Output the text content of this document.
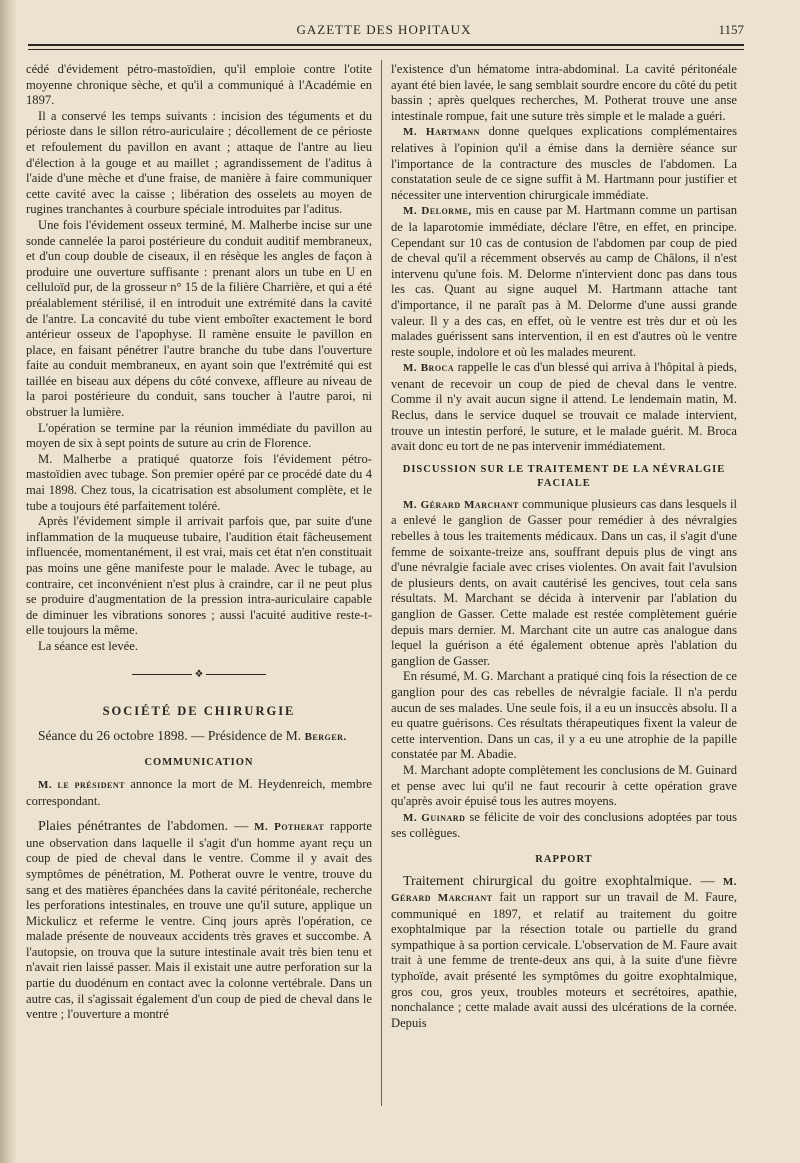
GAZETTE DES HOPITAUX	1157

cédé d'évidement pétro-mastoïdien, qu'il emploie contre l'otite moyenne chronique sèche, et qu'il a communiqué à l'Académie en 1897.

Il a conservé les temps suivants : incision des téguments et du périoste dans le sillon rétro-auriculaire ; décollement de ce périoste et refoulement du pavillon en avant ; attaque de l'antre au lieu d'élection à la gouge et au maillet ; agrandissement de l'aditus à l'aide d'une mèche et d'une fraise, de manière à faire communiquer cette cavité avec la caisse ; libération des osselets au moyen de rugines tranchantes à courbure spéciale introduites par l'aditus.

Une fois l'évidement osseux terminé, M. Malherbe incise sur une sonde cannelée la paroi postérieure du conduit auditif membraneux, et d'un coup double de ciseaux, il en résèque les angles de façon à produire une ouverture suffisante : prenant alors un tube en U en celluloïd pur, de la grosseur n° 15 de la filière Charrière, et qui a été préalablement stérilisé, il en introduit une extrémité dans la cavité de l'antre. La concavité du tube vient emboîter exactement le bord antérieur osseux de l'apophyse. Il ramène ensuite le pavillon en place, en faisant pénétrer l'autre branche du tube dans l'ouverture faite au conduit membraneux, en ayant soin que l'extrémité qui est taillée en biseau aux dépens du côté convexe, affleure au niveau de la paroi postérieure du conduit, sans toucher à l'autre paroi, ni obstruer la lumière.

L'opération se termine par la réunion immédiate du pavillon au moyen de six à sept points de suture au crin de Florence.

M. Malherbe a pratiqué quatorze fois l'évidement pétro-mastoïdien avec tubage. Son premier opéré par ce procédé date du 4 mai 1898. Chez tous, la cicatrisation est absolument complète, et le tube a toujours été parfaitement toléré.

Après l'évidement simple il arrivait parfois que, par suite d'une inflammation de la muqueuse tubaire, l'audition était fâcheusement influencée, momentanément, il est vrai, mais cet état n'en constituait pas moins une gêne manifeste pour le malade. Avec le tubage, au contraire, cet inconvénient n'est plus à craindre, car il ne peut plus se produire d'augmentation de la pression intra-auriculaire capable de diminuer les vibrations sonores ; aussi l'acuité auditive reste-t-elle toujours la même.

La séance est levée.

❖
SOCIÉTÉ DE CHIRURGIE

Séance du 26 octobre 1898. — Présidence de M. Berger.

COMMUNICATION

M. le président annonce la mort de M. Heydenreich, membre correspondant.

Plaies pénétrantes de l'abdomen. — M. Potherat rapporte une observation dans laquelle il s'agit d'un homme ayant reçu un coup de pied de cheval dans le ventre. Comme il y avait des symptômes de pénétration, M. Potherat ouvre le ventre, trouve du sang et des matières épanchées dans la cavité péritonéale, recherche les perforations intestinales, en trouve une qu'il suture, applique un Mickulicz et referme le ventre. Cinq jours après l'opération, ce malade présente de nouveaux accidents très graves et succombe. A l'autopsie, on trouva que la suture intestinale avait très bien tenu et n'avait rien laissé passer. Mais il existait une autre perforation sur la partie du duodénum en contact avec la colonne vertébrale. Dans un autre cas, il s'agissait également d'un coup de pied de cheval dans le ventre ; l'ouverture a montré

l'existence d'un hématome intra-abdominal. La cavité péritonéale ayant été bien lavée, le sang semblait sourdre encore du côté du petit bassin ; après quelques recherches, M. Potherat trouve une anse intestinale rompue, fait une suture très simple et le malade a guéri.

M. Hartmann donne quelques explications complémentaires relatives à l'opinion qu'il a émise dans la dernière séance sur l'importance de la contracture des muscles de l'abdomen. La constatation seule de ce signe suffit à M. Hartmann pour justifier et nécessiter une intervention chirurgicale immédiate.

M. Delorme, mis en cause par M. Hartmann comme un partisan de la laparotomie immédiate, déclare l'être, en effet, en principe. Cependant sur 10 cas de contusion de l'abdomen par coup de pied de cheval qu'il a récemment observés au camp de Châlons, il n'est intervenu qu'une fois. M. Delorme n'intervient donc pas dans tous les cas. Quant au signe auquel M. Hartmann attache tant d'importance, il ne paraît pas à M. Delorme d'une aussi grande valeur. Il y a des cas, en effet, où le ventre est très dur et où les malades guérissent sans intervention, il en est d'autres où le ventre reste souple, indolore et où les malades meurent.

M. Broca rappelle le cas d'un blessé qui arriva à l'hôpital à pieds, venant de recevoir un coup de pied de cheval dans le ventre. Comme il n'y avait aucun signe il attend. Le lendemain matin, M. Reclus, dans le service duquel se trouvait ce malade intervient, trouve un intestin perforé, le suture, et le malade guérit. M. Broca avait donc eu tort de ne pas intervenir immédiatement.

DISCUSSION SUR LE TRAITEMENT DE LA NÉVRALGIE
FACIALE

M. Gérard Marchant communique plusieurs cas dans lesquels il a enlevé le ganglion de Gasser pour remédier à des névralgies rebelles à tous les traitements médicaux. Dans un cas, il s'agit d'une femme de soixante-treize ans, souffrant depuis plus de vingt ans d'une névralgie faciale avec crises violentes. On avait fait l'avulsion de plusieurs dents, on avait cautérisé les gencives, tout cela sans résultats. M. Marchant se décida à intervenir par l'ablation du ganglion de Gasser. Cette malade est restée complètement guérie depuis mars dernier. M. Marchant cite un autre cas analogue dans lequel la guérison a été également obtenue après l'ablation du ganglion de Gasser.

En résumé, M. G. Marchant a pratiqué cinq fois la résection de ce ganglion pour des cas rebelles de névralgie faciale. Il n'a perdu aucun de ses malades. Une seule fois, il a eu un insuccès absolu. Il a eu quatre guérisons. Ces résultats thérapeutiques fixent la valeur de cette intervention. Dans un cas, il y a eu une atrophie de la papille constatée par M. Abadie.

M. Marchant adopte complètement les conclusions de M. Guinard et pense avec lui qu'il ne faut recourir à cette opération grave qu'après avoir épuisé tous les autres moyens.

M. Guinard se félicite de voir des conclusions adoptées par tous ses collègues.

RAPPORT

Traitement chirurgical du goitre exophtalmique. — M. Gérard Marchant fait un rapport sur un travail de M. Faure, communiqué en 1897, et relatif au traitement du goitre exophtalmique par la résection totale ou partielle du grand sympathique à sa portion cervicale. L'observation de M. Faure avait trait à une femme de trente-deux ans qui, à la suite d'une fièvre typhoïde, avait présenté les symptômes du goitre exophtalmique, gros cou, gros yeux, troubles moteurs et secrétoires, apathie, nonchalance ; cette malade avait aussi des ulcérations de la cornée. Depuis
